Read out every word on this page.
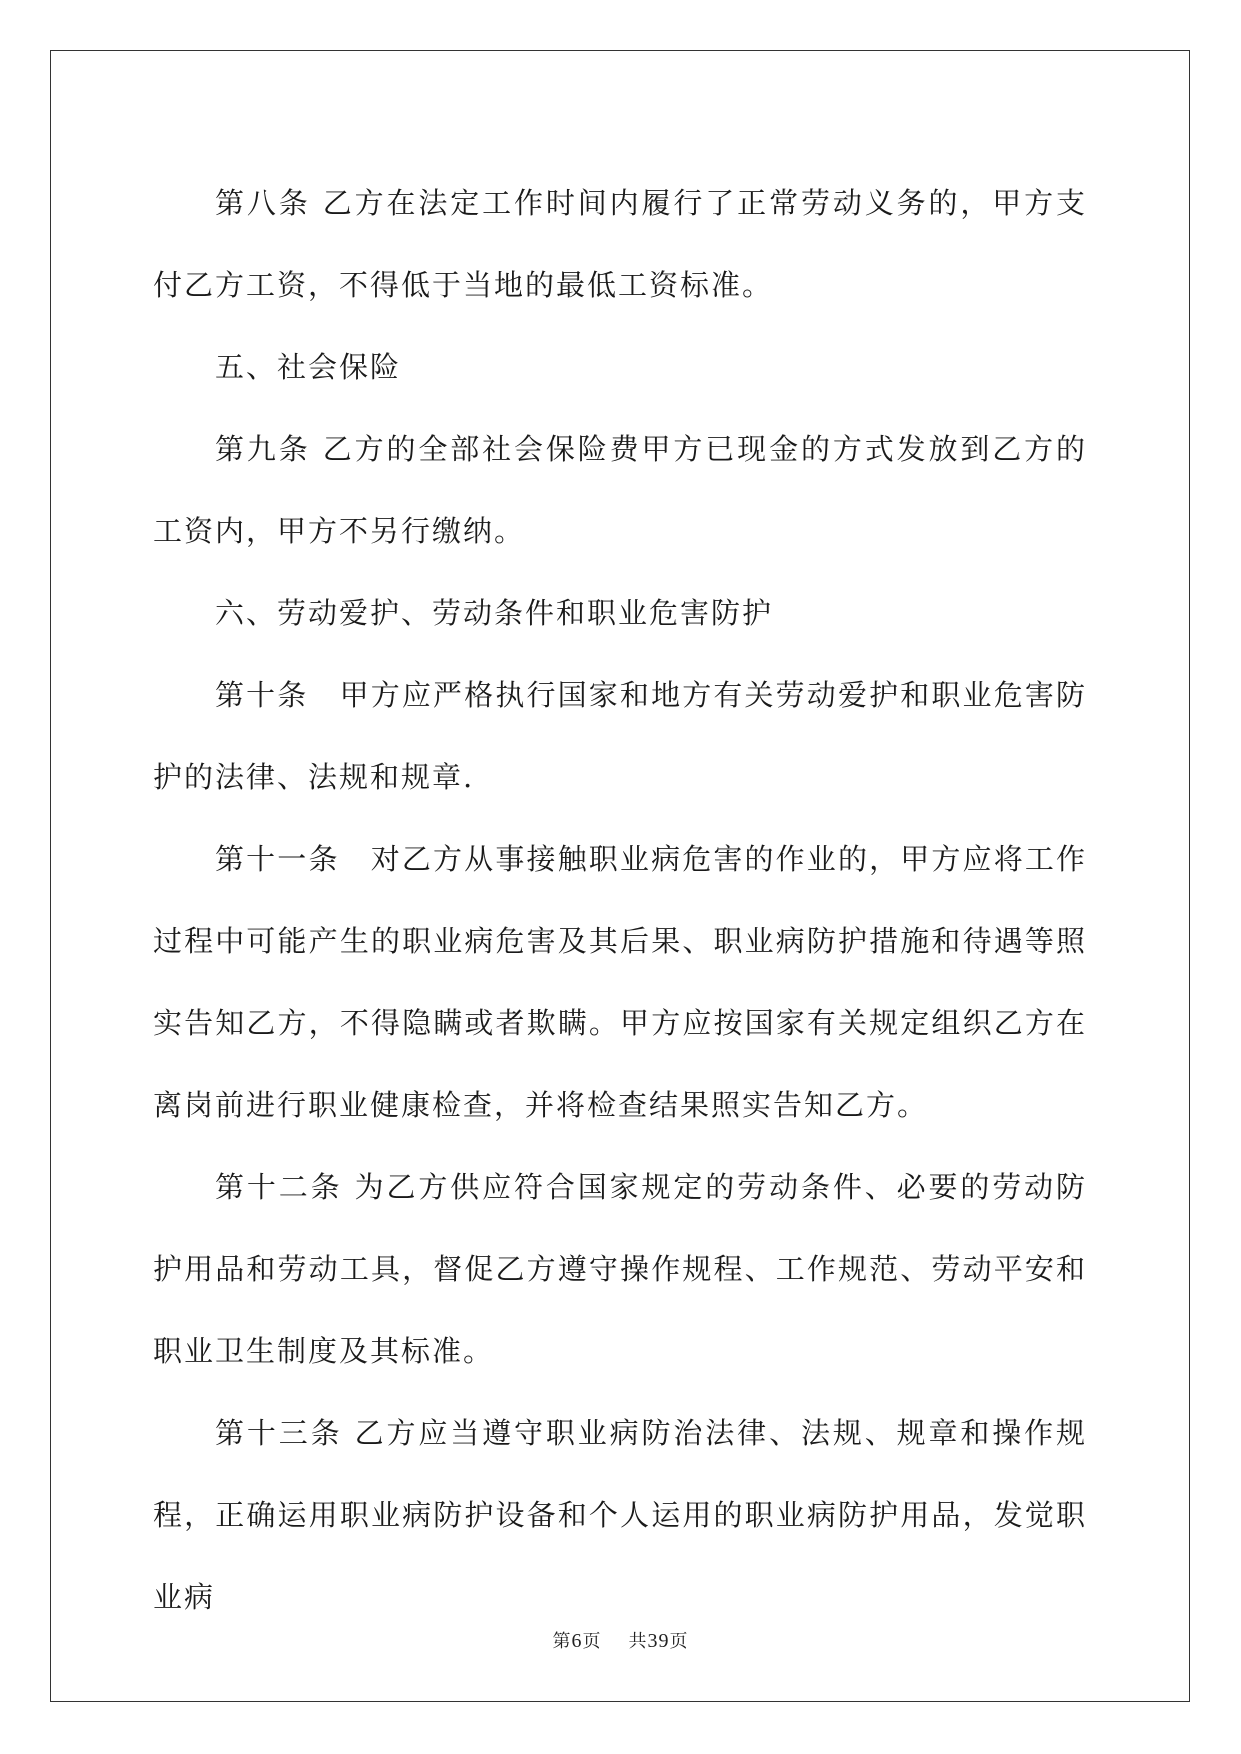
第八条 乙方在法定工作时间内履行了正常劳动义务的，甲方支付乙方工资，不得低于当地的最低工资标准。

五、社会保险

第九条 乙方的全部社会保险费甲方已现金的方式发放到乙方的工资内，甲方不另行缴纳。

六、劳动爱护、劳动条件和职业危害防护

第十条　甲方应严格执行国家和地方有关劳动爱护和职业危害防护的法律、法规和规章.

第十一条　对乙方从事接触职业病危害的作业的，甲方应将工作过程中可能产生的职业病危害及其后果、职业病防护措施和待遇等照实告知乙方，不得隐瞒或者欺瞒。甲方应按国家有关规定组织乙方在离岗前进行职业健康检查，并将检查结果照实告知乙方。

第十二条 为乙方供应符合国家规定的劳动条件、必要的劳动防护用品和劳动工具，督促乙方遵守操作规程、工作规范、劳动平安和职业卫生制度及其标准。

第十三条 乙方应当遵守职业病防治法律、法规、规章和操作规程，正确运用职业病防护设备和个人运用的职业病防护用品，发觉职业病

第6页 共39页
